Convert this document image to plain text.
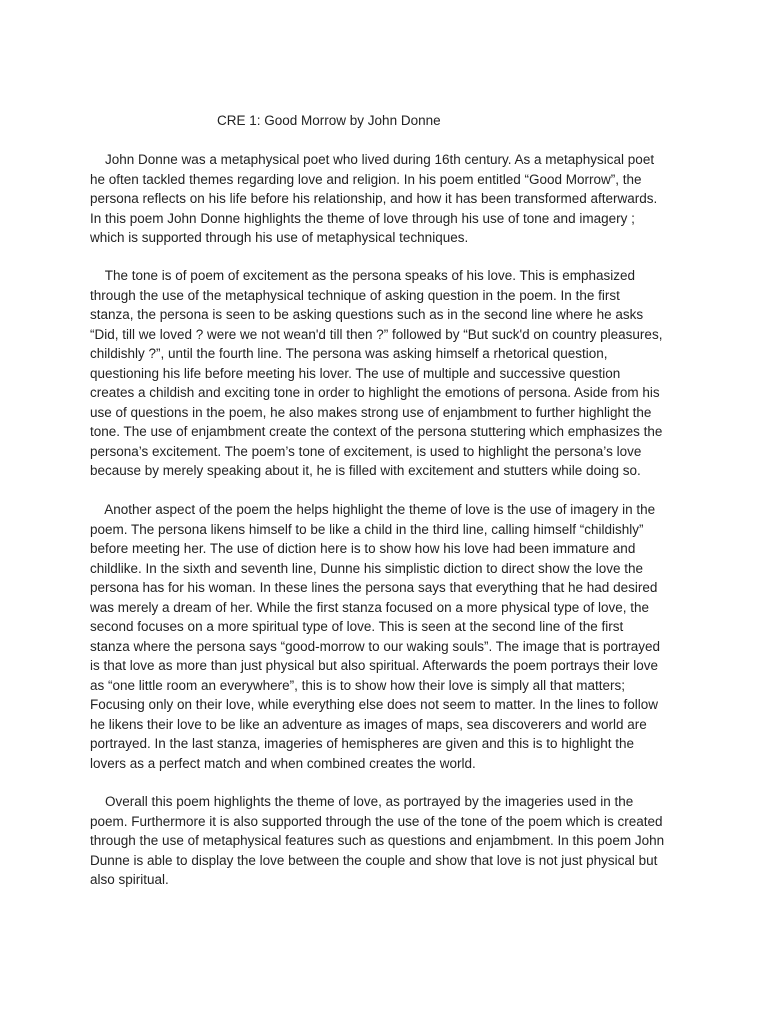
CRE 1: Good Morrow by John Donne

John Donne was a metaphysical poet who lived during 16th century. As a metaphysical poet
he often tackled themes regarding love and religion. In his poem entitled “Good Morrow”, the
persona reflects on his life before his relationship, and how it has been transformed afterwards.
In this poem John Donne highlights the theme of love through his use of tone and imagery ;
which is supported through his use of metaphysical techniques.

The tone is of poem of excitement as the persona speaks of his love. This is emphasized
through the use of the metaphysical technique of asking question in the poem. In the first
stanza, the persona is seen to be asking questions such as in the second line where he asks
“Did, till we loved ? were we not wean'd till then ?” followed by “But suck'd on country pleasures,
childishly ?”, until the fourth line. The persona was asking himself a rhetorical question,
questioning his life before meeting his lover. The use of multiple and successive question
creates a childish and exciting tone in order to highlight the emotions of persona. Aside from his
use of questions in the poem, he also makes strong use of enjambment to further highlight the
tone. The use of enjambment create the context of the persona stuttering which emphasizes the
persona’s excitement. The poem’s tone of excitement, is used to highlight the persona’s love
because by merely speaking about it, he is filled with excitement and stutters while doing so.

Another aspect of the poem the helps highlight the theme of love is the use of imagery in the
poem. The persona likens himself to be like a child in the third line, calling himself “childishly”
before meeting her. The use of diction here is to show how his love had been immature and
childlike. In the sixth and seventh line, Dunne his simplistic diction to direct show the love the
persona has for his woman. In these lines the persona says that everything that he had desired
was merely a dream of her. While the first stanza focused on a more physical type of love, the
second focuses on a more spiritual type of love. This is seen at the second line of the first
stanza where the persona says “good-morrow to our waking souls”. The image that is portrayed
is that love as more than just physical but also spiritual. Afterwards the poem portrays their love
as “one little room an everywhere”, this is to show how their love is simply all that matters;
Focusing only on their love, while everything else does not seem to matter. In the lines to follow
he likens their love to be like an adventure as images of maps, sea discoverers and world are
portrayed. In the last stanza, imageries of hemispheres are given and this is to highlight the
lovers as a perfect match and when combined creates the world.

Overall this poem highlights the theme of love, as portrayed by the imageries used in the
poem. Furthermore it is also supported through the use of the tone of the poem which is created
through the use of metaphysical features such as questions and enjambment. In this poem John
Dunne is able to display the love between the couple and show that love is not just physical but
also spiritual.
